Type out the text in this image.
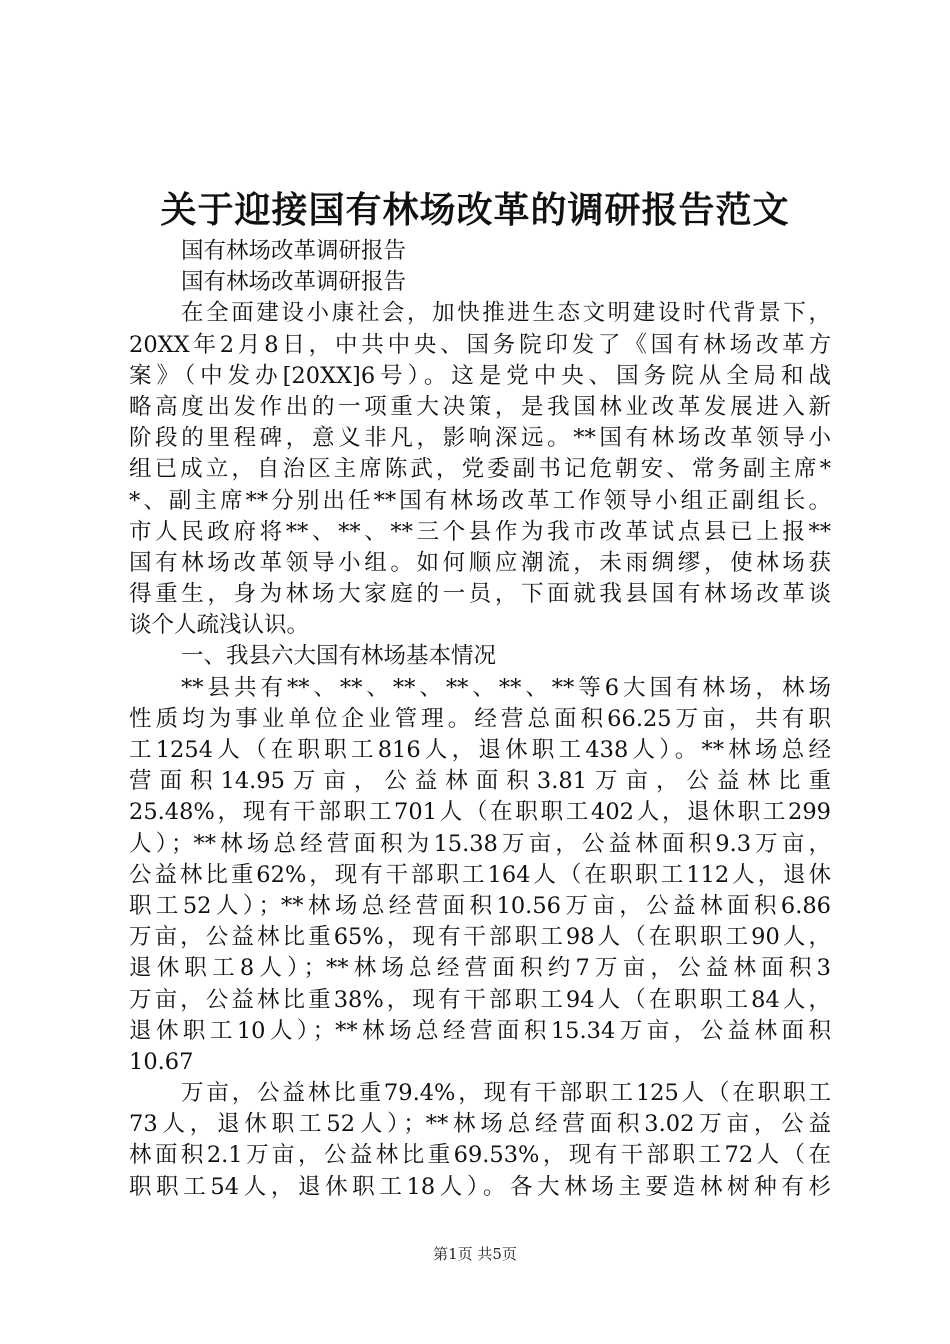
关于迎接国有林场改革的调研报告范文
国有林场改革调研报告
国有林场改革调研报告
在全面建设小康社会，加快推进生态文明建设时代背景下，
20XX年2月8日，中共中央、国务院印发了《国有林场改革方
案》（中发办[20XX]6号）。这是党中央、国务院从全局和战
略高度出发作出的一项重大决策，是我国林业改革发展进入新
阶段的里程碑，意义非凡，影响深远。**国有林场改革领导小
组已成立，自治区主席陈武，党委副书记危朝安、常务副主席*
*、副主席**分别出任**国有林场改革工作领导小组正副组长。
市人民政府将**、**、**三个县作为我市改革试点县已上报**
国有林场改革领导小组。如何顺应潮流，未雨绸缪，使林场获
得重生，身为林场大家庭的一员，下面就我县国有林场改革谈
谈个人疏浅认识。
一、我县六大国有林场基本情况
**县共有**、**、**、**、**、**等6大国有林场，林场
性质均为事业单位企业管理。经营总面积66.25万亩，共有职
工1254人（在职职工816人，退休职工438人）。**林场总经
营面积14.95万亩，公益林面积3.81万亩，公益林比重
25.48%，现有干部职工701人（在职职工402人，退休职工299
人）；**林场总经营面积为15.38万亩，公益林面积9.3万亩，
公益林比重62%，现有干部职工164人（在职职工112人，退休
职工52人）；**林场总经营面积10.56万亩，公益林面积6.86
万亩，公益林比重65%，现有干部职工98人（在职职工90人，
退休职工8人）；**林场总经营面积约7万亩，公益林面积3
万亩，公益林比重38%，现有干部职工94人（在职职工84人，
退休职工10人）；**林场总经营面积15.34万亩，公益林面积
10.67
万亩，公益林比重79.4%，现有干部职工125人（在职职工
73人，退休职工52人）；**林场总经营面积3.02万亩，公益
林面积2.1万亩，公益林比重69.53%，现有干部职工72人（在
职职工54人，退休职工18人）。各大林场主要造林树种有杉
第1页 共5页
